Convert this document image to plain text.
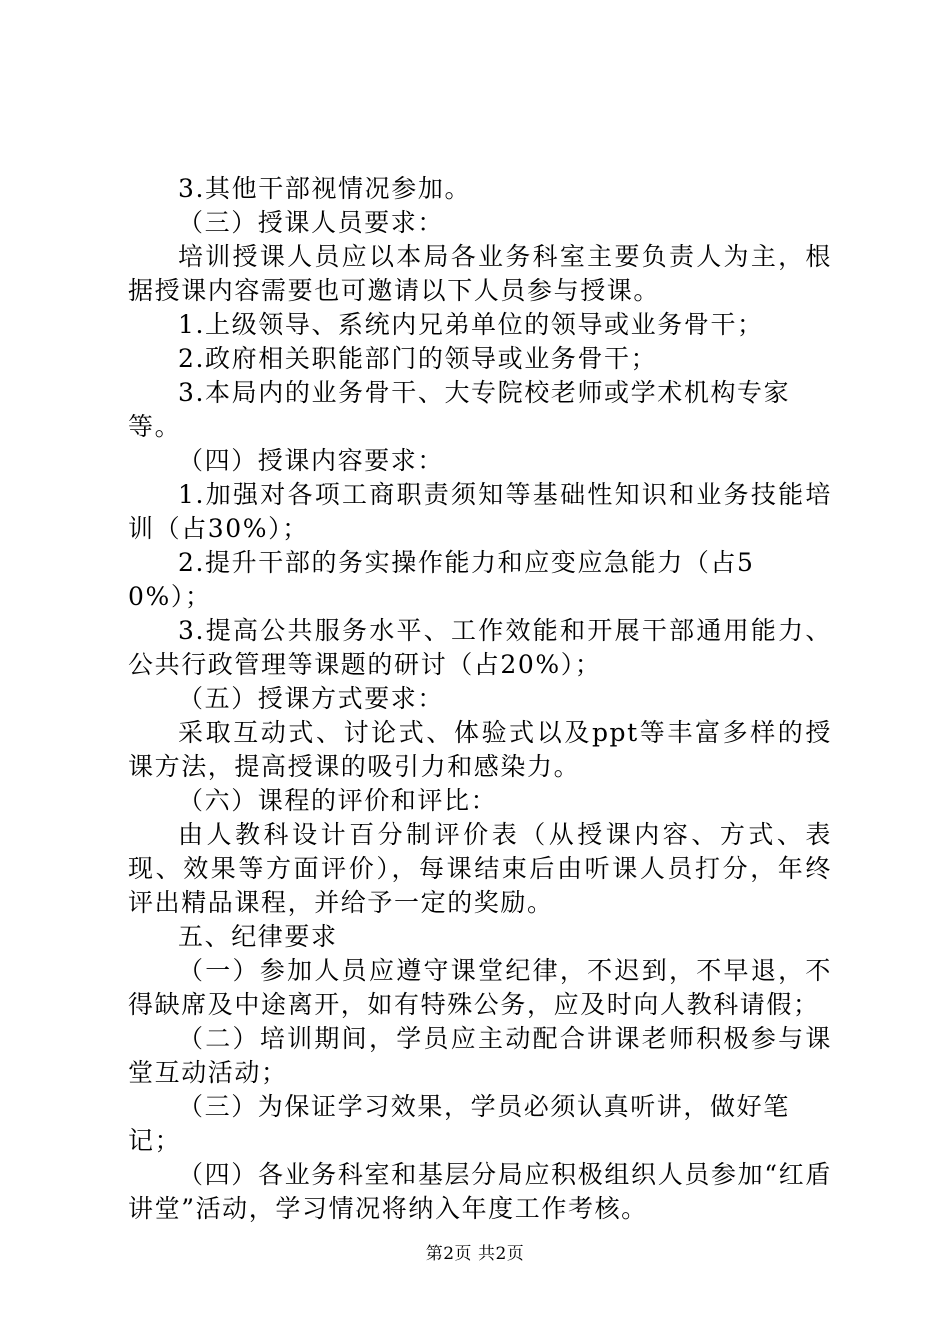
3.其他干部视情况参加。

（三）授课人员要求：

培训授课人员应以本局各业务科室主要负责人为主，根据授课内容需要也可邀请以下人员参与授课。

1.上级领导、系统内兄弟单位的领导或业务骨干；

2.政府相关职能部门的领导或业务骨干；

3.本局内的业务骨干、大专院校老师或学术机构专家等。

（四）授课内容要求：

1.加强对各项工商职责须知等基础性知识和业务技能培训（占30%）；

2.提升干部的务实操作能力和应变应急能力（占50%）；

3.提高公共服务水平、工作效能和开展干部通用能力、公共行政管理等课题的研讨（占20%）；

（五）授课方式要求：

采取互动式、讨论式、体验式以及ppt等丰富多样的授课方法，提高授课的吸引力和感染力。

（六）课程的评价和评比：

由人教科设计百分制评价表（从授课内容、方式、表现、效果等方面评价），每课结束后由听课人员打分，年终评出精品课程，并给予一定的奖励。

五、纪律要求

（一）参加人员应遵守课堂纪律，不迟到，不早退，不得缺席及中途离开，如有特殊公务，应及时向人教科请假；

（二）培训期间，学员应主动配合讲课老师积极参与课堂互动活动；

（三）为保证学习效果，学员必须认真听讲，做好笔记；

（四）各业务科室和基层分局应积极组织人员参加“红盾讲堂”活动，学习情况将纳入年度工作考核。

第2页 共2页
